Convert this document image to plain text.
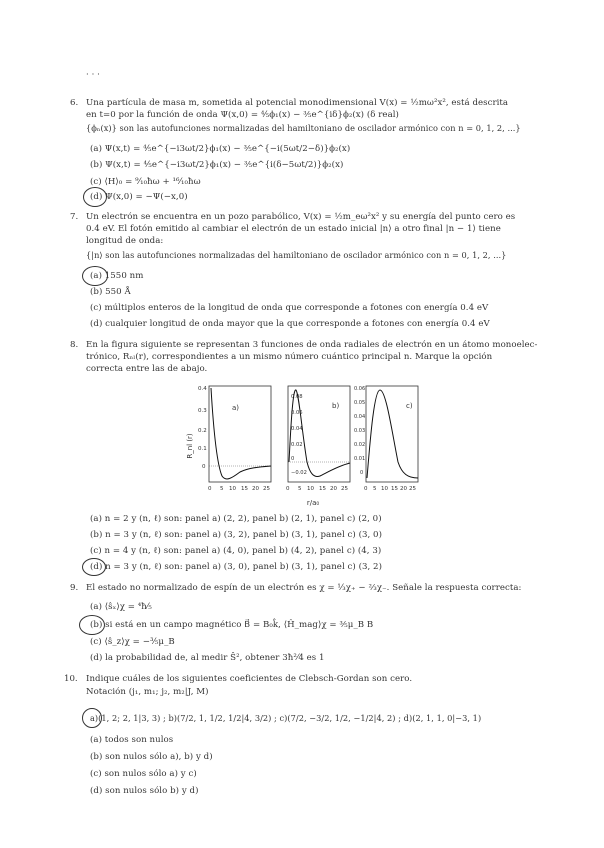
· · ·
6. Una partícula de masa m, sometida al potencial monodimensional V(x) = ½mω²x², está descrita
en t=0 por la función de onda Ψ(x,0) = ⅘ϕ₁(x) − ⅗e^{iδ}ϕ₂(x) (δ real)
{ϕₙ(x)} son las autofunciones normalizadas del hamiltoniano de oscilador armónico con n = 0, 1, 2, ...}
(a) Ψ(x,t) = ⅘e^{−i3ωt/2}ϕ₁(x) − ⅗e^{−i(5ωt/2−δ)}ϕ₂(x)
(b) Ψ(x,t) = ⅘e^{−i3ωt/2}ϕ₁(x) − ⅗e^{i(δ−5ωt/2)}ϕ₂(x)
(c) ⟨H⟩₀ = ⁹⁄₁₀ħω + ¹⁶⁄₁₀ħω
(d) Ψ(x,0) = −Ψ(−x,0)
7. Un electrón se encuentra en un pozo parabólico, V(x) = ½m_eω²x² y su energía del punto cero es
0.4 eV. El fotón emitido al cambiar el electrón de un estado inicial |n⟩ a otro final |n − 1⟩ tiene
longitud de onda:
{|n⟩ son las autofunciones normalizadas del hamiltoniano de oscilador armónico con n = 0, 1, 2, ...}
(a) 1550 nm
(b) 550 Å
(c) múltiplos enteros de la longitud de onda que corresponde a fotones con energía 0.4 eV
(d) cualquier longitud de onda mayor que la que corresponde a fotones con energía 0.4 eV
8. En la figura siguiente se representan 3 funciones de onda radiales de electrón en un átomo monoelec-
trónico, Rₙₗ(r), correspondientes a un mismo número cuántico principal n. Marque la opción
correcta entre las de abajo.
R_nl (r)
r/a₀
a)
0.4
0.3
0.2
0.1
0
0 5 10 15 20 25
b)
0.08
0.06
0.04
0.02
0
−0.02
0 5 10 15 20 25
c)
0.06
0.05
0.04
0.03
0.02
0.01
0
0 5 10 15 20 25
(a) n = 2 y (n, ℓ) son: panel a) (2, 2), panel b) (2, 1), panel c) (2, 0)
(b) n = 3 y (n, ℓ) son: panel a) (3, 2), panel b) (3, 1), panel c) (3, 0)
(c) n = 4 y (n, ℓ) son: panel a) (4, 0), panel b) (4, 2), panel c) (4, 3)
(d) n = 3 y (n, ℓ) son: panel a) (3, 0), panel b) (3, 1), panel c) (3, 2)
9. El estado no normalizado de espín de un electrón es χ = ⅓χ₊ − ⅔χ₋. Señale la respuesta correcta:
(a) ⟨ŝₓ⟩χ = ⁴ħ⁄₅
(b) si está en un campo magnético B⃗ = B₀k̂, ⟨Ĥ_mag⟩χ = ⅗μ_B B
(c) ⟨ŝ_z⟩χ = −³⁄₅μ_B
(d) la probabilidad de, al medir Ŝ², obtener 3ħ²⁄4 es 1
10. Indique cuáles de los siguientes coeficientes de Clebsch-Gordan son cero.
Notación (j₁, m₁; j₂, m₂|J, M)
a)(1, 2; 2, 1|3, 3) ; b)(7/2, 1, 1/2, 1/2|4, 3/2) ; c)(7/2, −3/2, 1/2, −1/2|4, 2) ; d)(2, 1, 1, 0|−3, 1)
(a) todos son nulos
(b) son nulos sólo a), b) y d)
(c) son nulos sólo a) y c)
(d) son nulos sólo b) y d)
